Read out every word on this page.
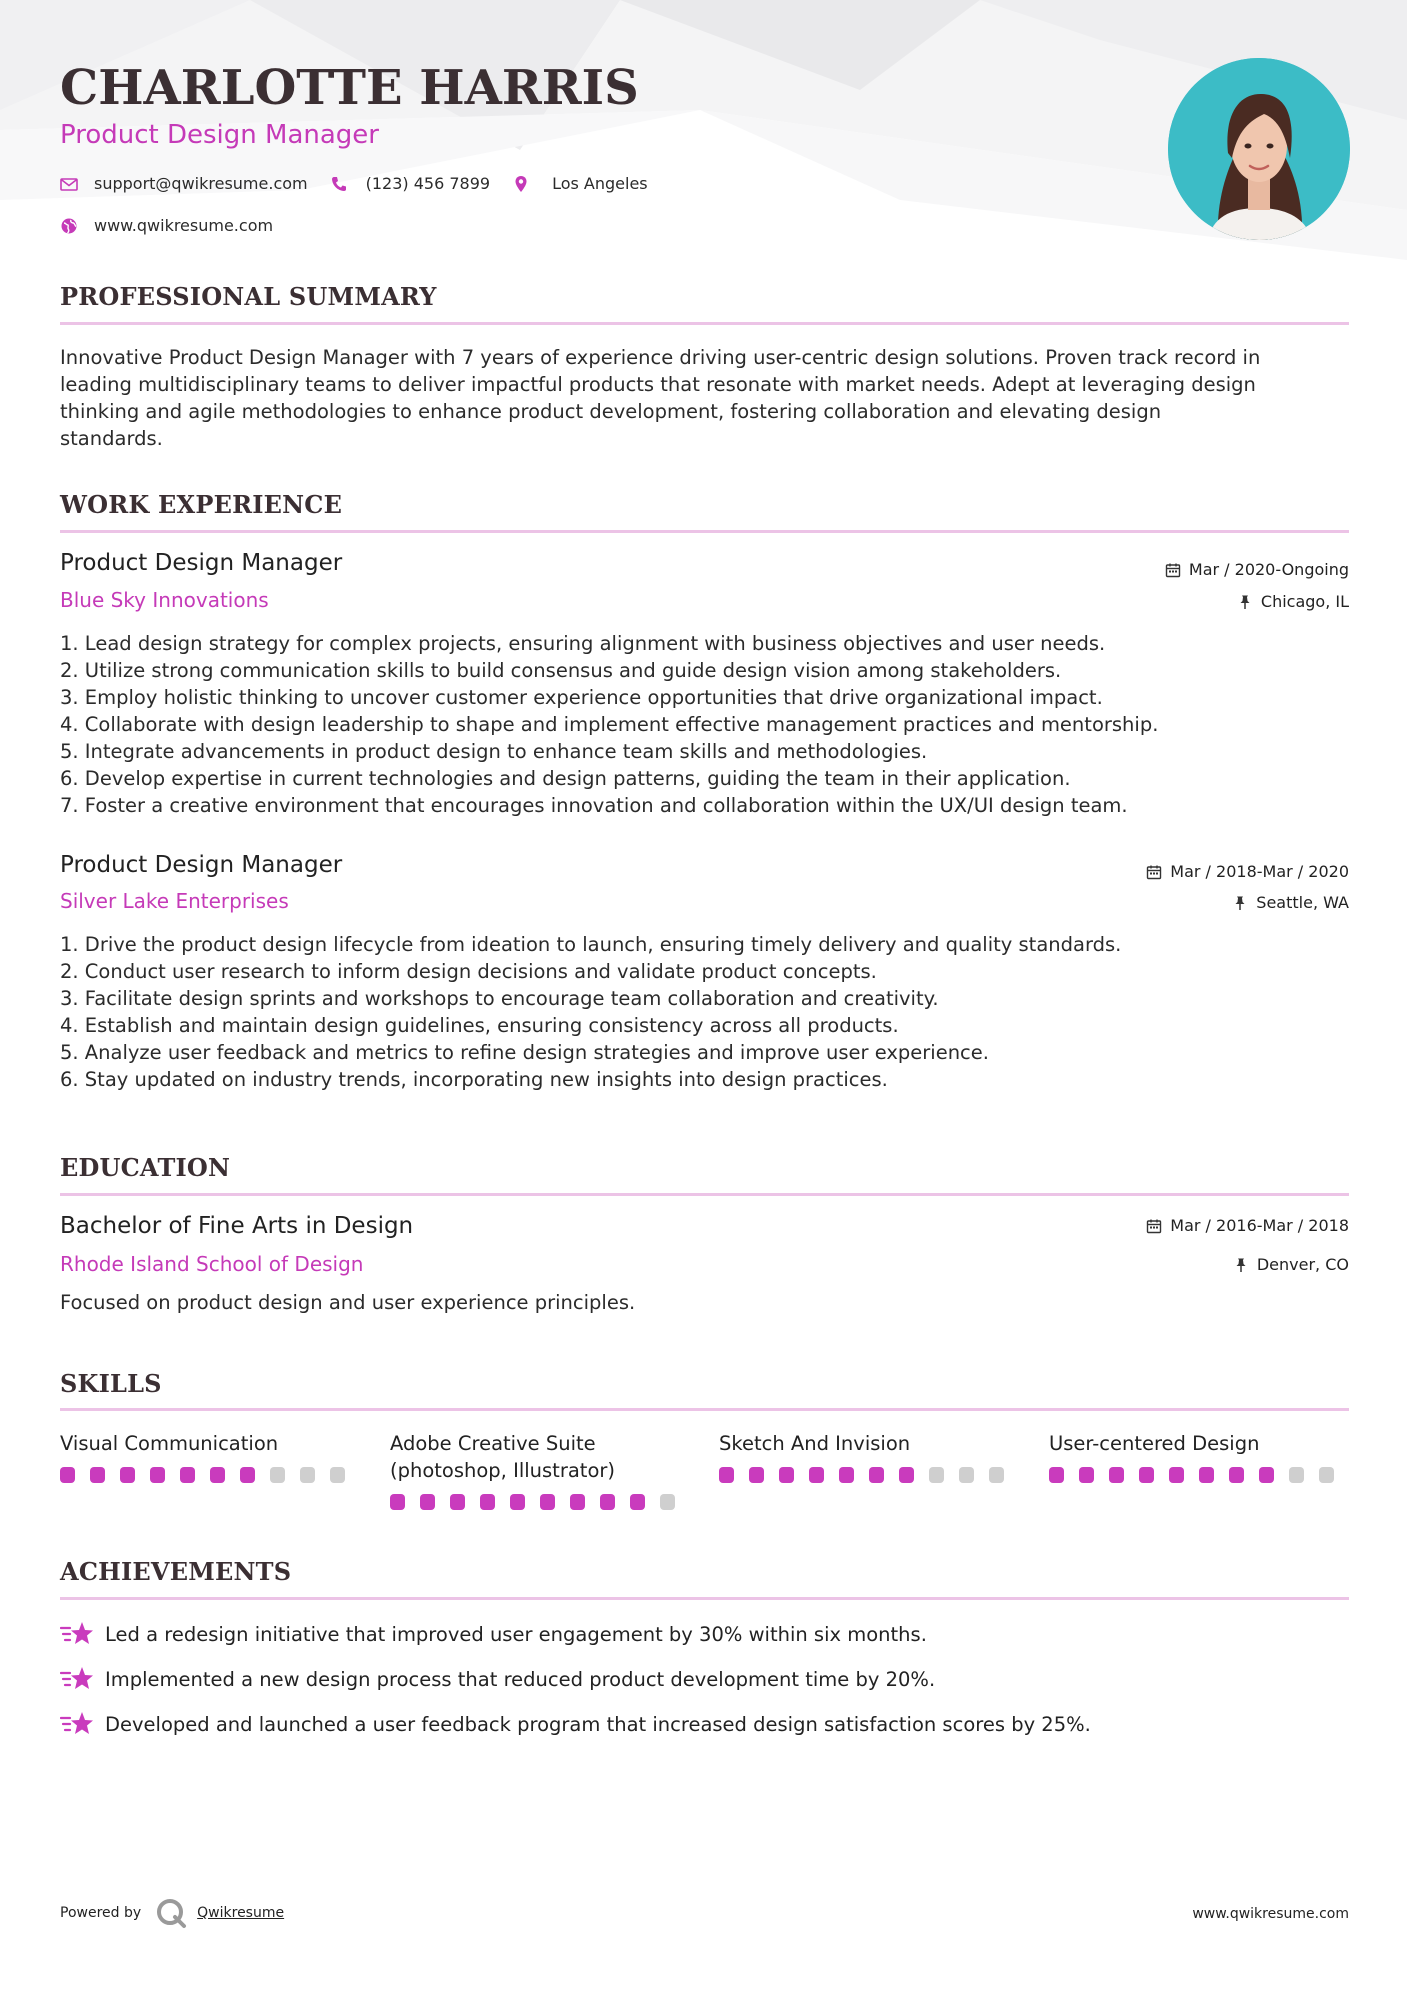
CHARLOTTE HARRIS
Product Design Manager
support@qwikresume.com	(123) 456 7899	Los Angeles
www.qwikresume.com
PROFESSIONAL SUMMARY
Innovative Product Design Manager with 7 years of experience driving user-centric design solutions. Proven track record in
leading multidisciplinary teams to deliver impactful products that resonate with market needs. Adept at leveraging design
thinking and agile methodologies to enhance product development, fostering collaboration and elevating design
standards.
WORK EXPERIENCE
Product Design Manager
Blue Sky Innovations
Mar / 2020-Ongoing
Chicago, IL
1. Lead design strategy for complex projects, ensuring alignment with business objectives and user needs.
2. Utilize strong communication skills to build consensus and guide design vision among stakeholders.
3. Employ holistic thinking to uncover customer experience opportunities that drive organizational impact.
4. Collaborate with design leadership to shape and implement effective management practices and mentorship.
5. Integrate advancements in product design to enhance team skills and methodologies.
6. Develop expertise in current technologies and design patterns, guiding the team in their application.
7. Foster a creative environment that encourages innovation and collaboration within the UX/UI design team.
Product Design Manager
Silver Lake Enterprises
Mar / 2018-Mar / 2020
Seattle, WA
1. Drive the product design lifecycle from ideation to launch, ensuring timely delivery and quality standards.
2. Conduct user research to inform design decisions and validate product concepts.
3. Facilitate design sprints and workshops to encourage team collaboration and creativity.
4. Establish and maintain design guidelines, ensuring consistency across all products.
5. Analyze user feedback and metrics to refine design strategies and improve user experience.
6. Stay updated on industry trends, incorporating new insights into design practices.
EDUCATION
Bachelor of Fine Arts in Design
Rhode Island School of Design
Mar / 2016-Mar / 2018
Denver, CO
Focused on product design and user experience principles.
SKILLS
Visual Communication	Adobe Creative Suite
(photoshop, Illustrator)
Sketch And Invision	User-centered Design
ACHIEVEMENTS
Led a redesign initiative that improved user engagement by 30% within six months.
Implemented a new design process that reduced product development time by 20%.
Developed and launched a user feedback program that increased design satisfaction scores by 25%.
Powered by	Qwikresume	www.qwikresume.com
